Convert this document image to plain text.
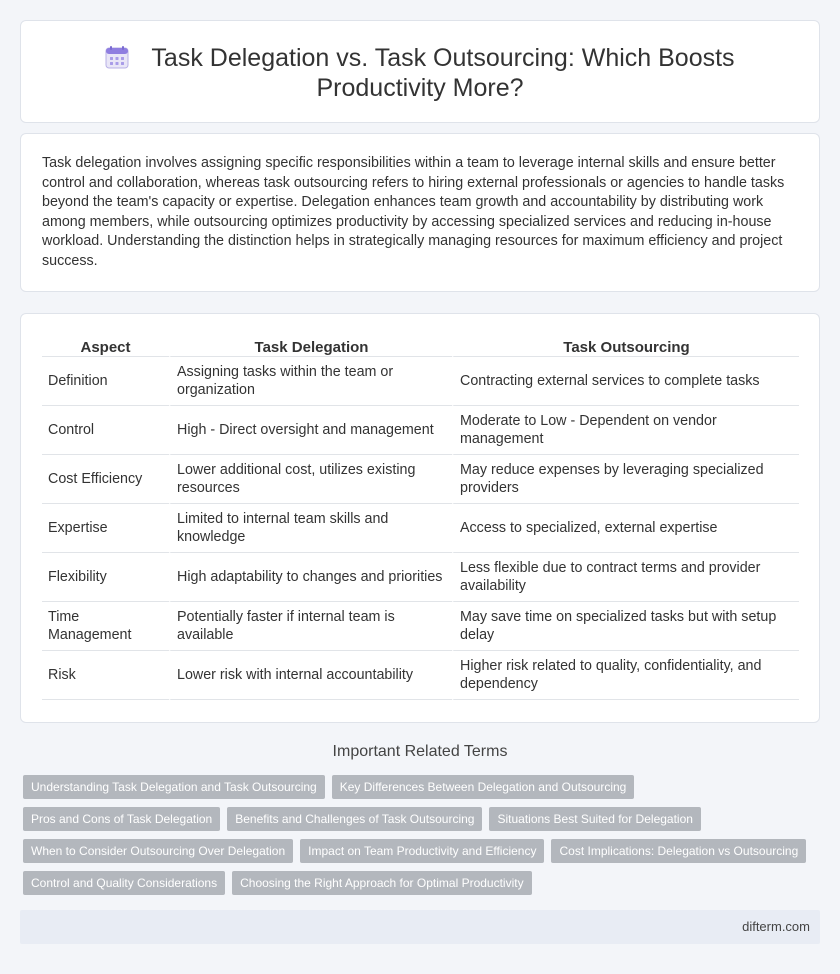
Task Delegation vs. Task Outsourcing: Which Boosts Productivity More?

Task delegation involves assigning specific responsibilities within a team to leverage internal skills and ensure better control and collaboration, whereas task outsourcing refers to hiring external professionals or agencies to handle tasks beyond the team's capacity or expertise. Delegation enhances team growth and accountability by distributing work among members, while outsourcing optimizes productivity by accessing specialized services and reducing in-house workload. Understanding the distinction helps in strategically managing resources for maximum efficiency and project success.

Aspect	Task Delegation	Task Outsourcing
Definition	Assigning tasks within the team or organization	Contracting external services to complete tasks
Control	High - Direct oversight and management	Moderate to Low - Dependent on vendor management
Cost Efficiency	Lower additional cost, utilizes existing resources	May reduce expenses by leveraging specialized providers
Expertise	Limited to internal team skills and knowledge	Access to specialized, external expertise
Flexibility	High adaptability to changes and priorities	Less flexible due to contract terms and provider availability
Time Management	Potentially faster if internal team is available	May save time on specialized tasks but with setup delay
Risk	Lower risk with internal accountability	Higher risk related to quality, confidentiality, and dependency
Important Related Terms
Understanding Task Delegation and Task Outsourcing	Key Differences Between Delegation and Outsourcing
Pros and Cons of Task Delegation	Benefits and Challenges of Task Outsourcing	Situations Best Suited for Delegation
When to Consider Outsourcing Over Delegation	Impact on Team Productivity and Efficiency	Cost Implications: Delegation vs Outsourcing
Control and Quality Considerations	Choosing the Right Approach for Optimal Productivity
difterm.com
